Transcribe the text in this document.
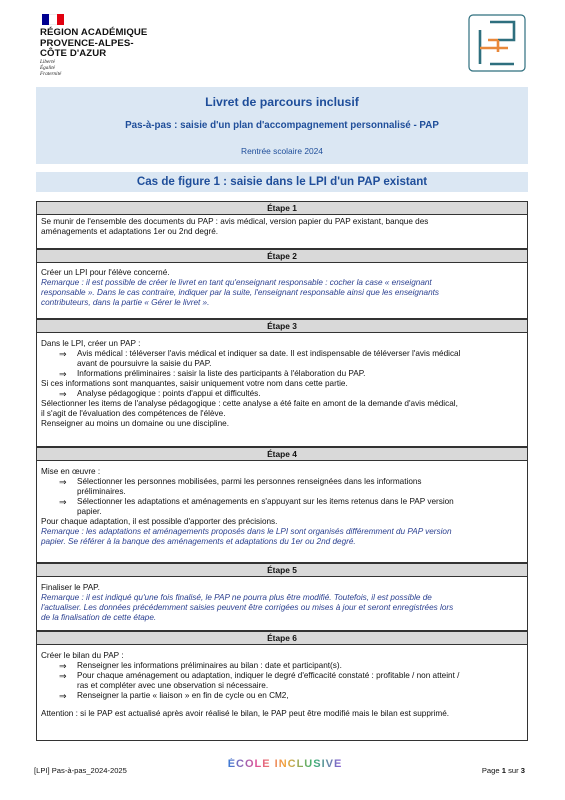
RÉGION ACADÉMIQUE
PROVENCE-ALPES-
CÔTE D'AZUR
Liberté
Égalité
Fraternité
Livret de parcours inclusif
Pas-à-pas : saisie d'un plan d'accompagnement personnalisé - PAP
Rentrée scolaire 2024
Cas de figure 1 : saisie dans le LPI d'un PAP existant
Étape 1
Se munir de l'ensemble des documents du PAP : avis médical, version papier du PAP existant, banque des
aménagements et adaptations 1er ou 2nd degré.
Étape 2
Créer un LPI pour l'élève concerné.
Remarque : il est possible de créer le livret en tant qu'enseignant responsable : cocher la case « enseignant
responsable ». Dans le cas contraire, indiquer par la suite, l'enseignant responsable ainsi que les enseignants
contributeurs, dans la partie « Gérer le livret ».
Étape 3
Dans le LPI, créer un PAP :
⇒	Avis médical : téléverser l'avis médical et indiquer sa date. Il est indispensable de téléverser l'avis médical
avant de poursuivre la saisie du PAP.
⇒	Informations préliminaires : saisir la liste des participants à l'élaboration du PAP.
Si ces informations sont manquantes, saisir uniquement votre nom dans cette partie.
⇒	Analyse pédagogique : points d'appui et difficultés.
Sélectionner les items de l'analyse pédagogique : cette analyse a été faite en amont de la demande d'avis médical,
il s'agit de l'évaluation des compétences de l'élève.
Renseigner au moins un domaine ou une discipline.
Étape 4
Mise en œuvre :
⇒	Sélectionner les personnes mobilisées, parmi les personnes renseignées dans les informations
préliminaires.
⇒	Sélectionner les adaptations et aménagements en s'appuyant sur les items retenus dans le PAP version
papier.
Pour chaque adaptation, il est possible d'apporter des précisions.
Remarque : les adaptations et aménagements proposés dans le LPI sont organisés différemment du PAP version
papier. Se référer à la banque des aménagements et adaptations du 1er ou 2nd degré.
Étape 5
Finaliser le PAP.
Remarque : il est indiqué qu'une fois finalisé, le PAP ne pourra plus être modifié. Toutefois, il est possible de
l'actualiser. Les données précédemment saisies peuvent être corrigées ou mises à jour et seront enregistrées lors
de la finalisation de cette étape.
Étape 6
Créer le bilan du PAP :
⇒	Renseigner les informations préliminaires au bilan : date et participant(s).
⇒	Pour chaque aménagement ou adaptation, indiquer le degré d'efficacité constaté : profitable / non atteint /
ras et compléter avec une observation si nécessaire.
⇒	Renseigner la partie « liaison » en fin de cycle ou en CM2,
Attention : si le PAP est actualisé après avoir réalisé le bilan, le PAP peut être modifié mais le bilan est supprimé.
[LPI] Pas-à-pas_2024-2025
ÉCOLE INCLUSIVE
Page 1 sur 3
